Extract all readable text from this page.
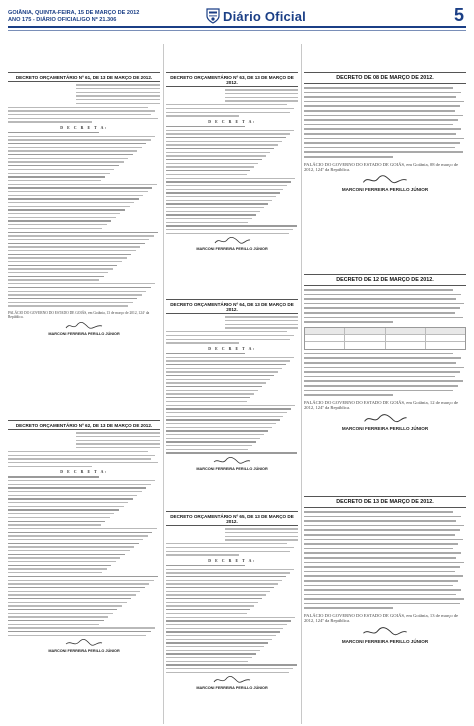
GOIÂNIA, QUINTA-FEIRA, 15 DE MARÇO DE 2012
ANO 175 - DIÁRIO OFICIAL/GO Nº 21.306	Diário Oficial	5
DECRETO ORÇAMENTÁRIO Nº 61, DE 13 DE MARÇO DE 2012.
D E C R E T A:
PALÁCIO DO GOVERNO DO ESTADO DE GOIÁS, em Goiânia, 13 de março de 2012, 124º da República.
MARCONI FERREIRA PERILLO JÚNIOR
DECRETO ORÇAMENTÁRIO Nº 62, DE 13 DE MARÇO DE 2012.
D E C R E T A:
MARCONI FERREIRA PERILLO JÚNIOR
DECRETO ORÇAMENTÁRIO Nº 63, DE 13 DE MARÇO DE 2012.
D E C R E T A:
MARCONI FERREIRA PERILLO JÚNIOR
DECRETO ORÇAMENTÁRIO Nº 64, DE 13 DE MARÇO DE 2012.
D E C R E T A:
MARCONI FERREIRA PERILLO JÚNIOR
DECRETO ORÇAMENTÁRIO Nº 65, DE 13 DE MARÇO DE 2012.
D E C R E T A:
MARCONI FERREIRA PERILLO JÚNIOR
DECRETO DE 08 DE MARÇO DE 2012.
PALÁCIO DO GOVERNO DO ESTADO DE GOIÁS, em Goiânia, 08 de março de 2012, 124º da República.
MARCONI FERREIRA PERILLO JÚNIOR
DECRETO DE 12 DE MARÇO DE 2012.
PALÁCIO DO GOVERNO DO ESTADO DE GOIÁS, em Goiânia, 12 de março de 2012, 124º da República.
MARCONI FERREIRA PERILLO JÚNIOR
DECRETO DE 13 DE MARÇO DE 2012.
PALÁCIO DO GOVERNO DO ESTADO DE GOIÁS, em Goiânia, 13 de março de 2012, 124º da República.
MARCONI FERREIRA PERILLO JÚNIOR
